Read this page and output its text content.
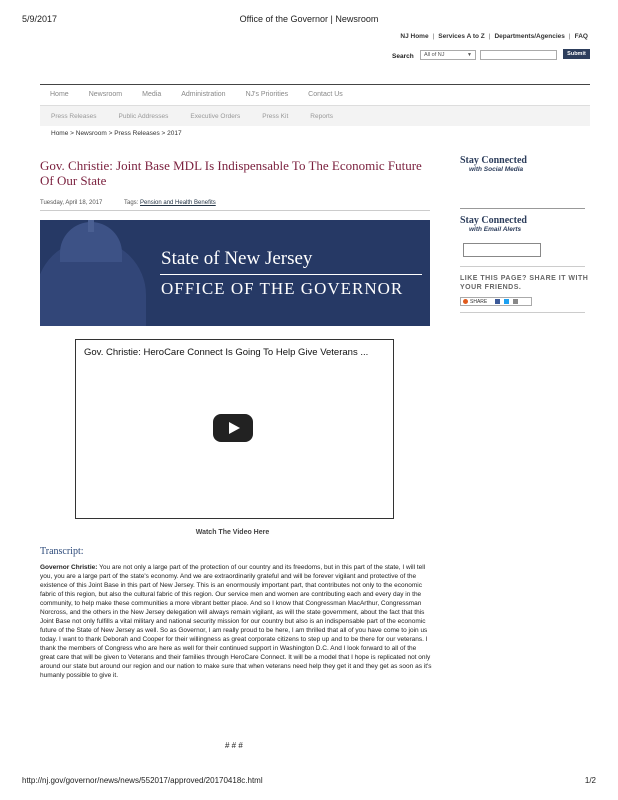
5/9/2017	Office of the Governor | Newsroom
NJ Home | Services A to Z | Departments/Agencies | FAQ
Search	All of NJ	▼	Submit
Home	Newsroom	Media	Administration	NJ's Priorities	Contact Us
Press Releases	Public Addresses	Executive Orders	Press Kit	Reports
Home > Newsroom > Press Releases > 2017
Gov. Christie: Joint Base MDL Is Indispensable To The Economic Future Of Our State
Tuesday, April 18, 2017	Tags: Pension and Health Benefits
State of New Jersey
OFFICE OF THE GOVERNOR
Gov. Christie: HeroCare Connect Is Going To Help Give Veterans ...
Watch The Video Here
Transcript:
Governor Christie: You are not only a large part of the protection of our country and its freedoms, but in this part of the state, I will tell you, you are a large part of the state's economy. And we are extraordinarily grateful and will be forever vigilant and protective of the existence of this Joint Base in this part of New Jersey. This is an enormously important part, that contributes not only to the economic fabric of this region, but also the cultural fabric of this region. Our service men and women are contributing each and every day in the community, to help make these communities a more vibrant better place. And so I know that Congressman MacArthur, Congressman Norcross, and the others in the New Jersey delegation will always remain vigilant, as will the state government, about the fact that this Joint Base not only fulfills a vital military and national security mission for our country but also is an indispensable part of the economic future of the State of New Jersey as well. So as Governor, I am really proud to be here, I am thrilled that all of you have come to join us today. I want to thank Deborah and Cooper for their willingness as great corporate citizens to step up and to be there for our veterans. I thank the members of Congress who are here as well for their continued support in Washington D.C. And I look forward to all of the great care that will be given to Veterans and their families through HeroCare Connect. It will be a model that I hope is replicated not only around our state but around our region and our nation to make sure that when veterans need help they get it and they get as soon as it's humanly possible to give it.
# # #
Stay Connected
with Social Media
Stay Connected
with Email Alerts
LIKE THIS PAGE? SHARE IT WITH YOUR FRIENDS.
SHARE
http://nj.gov/governor/news/news/552017/approved/20170418c.html	1/2
